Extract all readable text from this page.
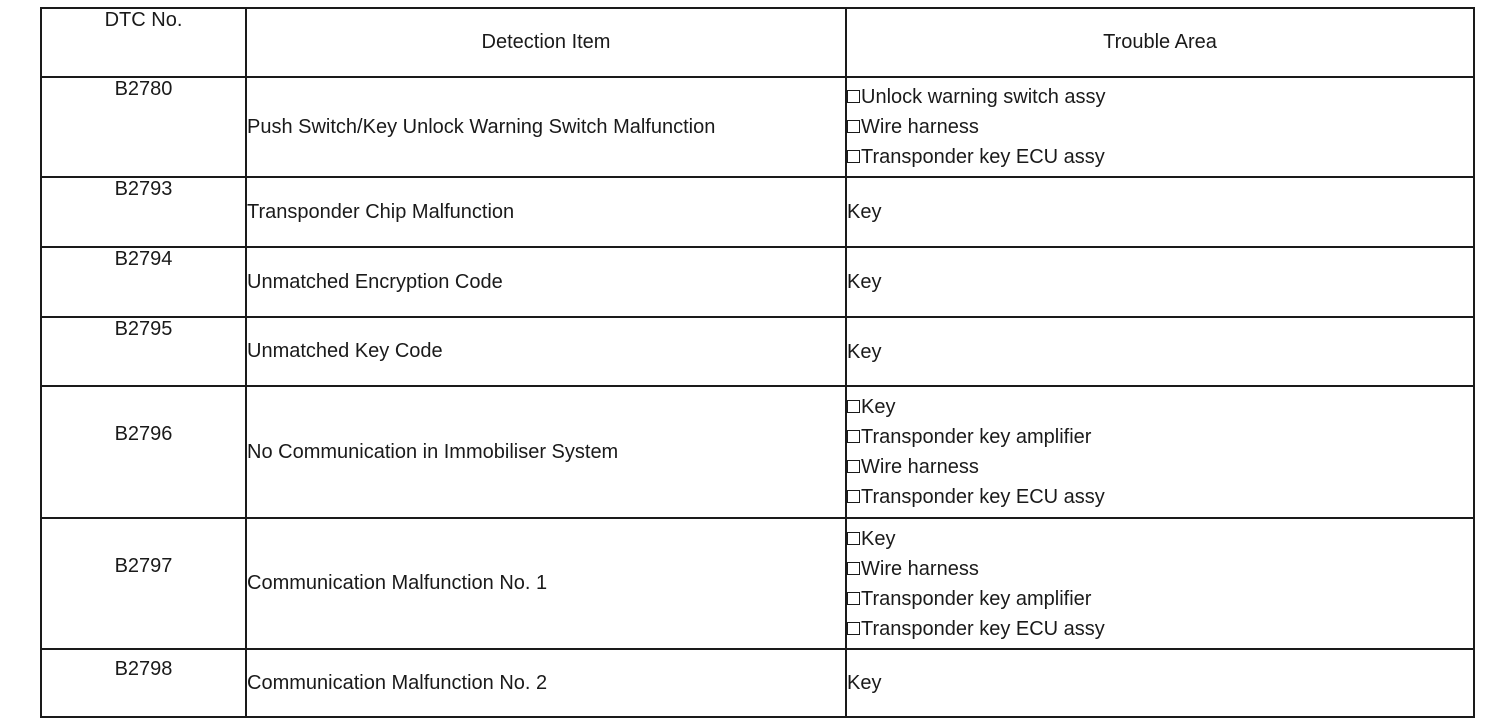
DTC No.	Detection Item	Trouble Area
B2780	Push Switch/Key Unlock Warning Switch Malfunction	Unlock warning switch assy
Wire harness
Transponder key ECU assy

B2793	Transponder Chip Malfunction	Key

B2794	Unmatched Encryption Code	Key

B2795	Unmatched Key Code	Key

B2796	No Communication in Immobiliser System	Key
Transponder key amplifier
Wire harness
Transponder key ECU assy

B2797	Communication Malfunction No. 1	Key
Wire harness
Transponder key amplifier
Transponder key ECU assy

B2798	Communication Malfunction No. 2	Key
